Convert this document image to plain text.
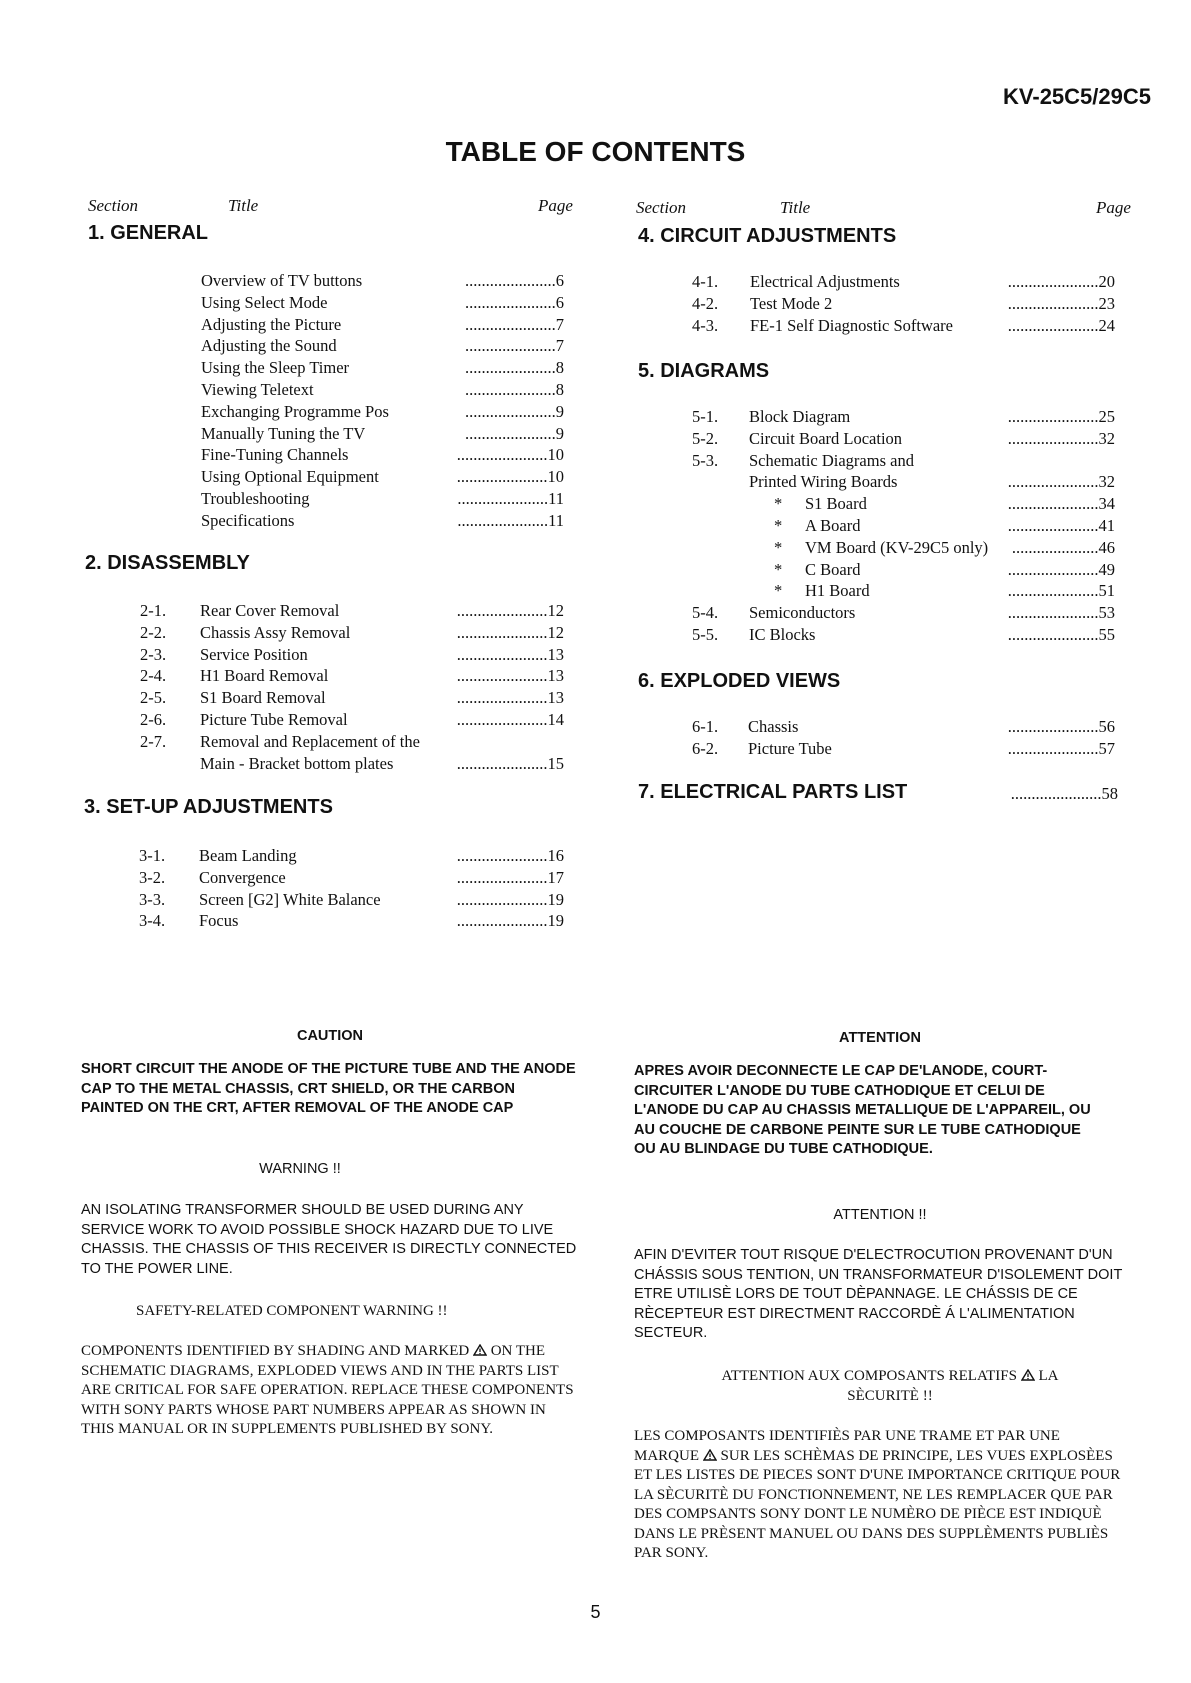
KV-25C5/29C5
TABLE OF CONTENTS
Section	Title	Page	Section	Title	Page
1. GENERAL
2. DISASSEMBLY
3. SET-UP ADJUSTMENTS
4. CIRCUIT ADJUSTMENTS
5. DIAGRAMS
6. EXPLODED VIEWS
7. ELECTRICAL PARTS LIST	......................58
Overview of TV buttons	......................6
Using Select Mode	......................6
Adjusting the Picture	......................7
Adjusting the Sound	......................7
Using the Sleep Timer	......................8
Viewing Teletext	......................8
Exchanging Programme Pos	......................9
Manually Tuning the TV	......................9
Fine-Tuning Channels	......................10
Using Optional Equipment	......................10
Troubleshooting	......................11
Specifications	......................11
2-1. Rear Cover Removal	......................12
2-2. Chassis Assy Removal	......................12
2-3. Service Position	......................13
2-4. H1 Board Removal	......................13
2-5. S1 Board Removal	......................13
2-6. Picture Tube Removal	......................14
2-7. Removal and Replacement of the
Main - Bracket bottom plates	......................15
3-1. Beam Landing	......................16
3-2. Convergence	......................17
3-3. Screen [G2] White Balance	......................19
3-4. Focus	......................19
4-1. Electrical Adjustments	......................20
4-2. Test Mode 2	......................23
4-3. FE-1 Self Diagnostic Software	......................24
5-1. Block Diagram	......................25
5-2. Circuit Board Location	......................32
5-3. Schematic Diagrams and
Printed Wiring Boards	......................32
* S1 Board	......................34
* A Board	......................41
* VM Board (KV-29C5 only)	.....................46
* C Board	......................49
* H1 Board	......................51
5-4. Semiconductors	......................53
5-5. IC Blocks	......................55
6-1. Chassis	......................56
6-2. Picture Tube	......................57
CAUTION
SHORT CIRCUIT THE ANODE OF THE PICTURE TUBE AND THE ANODE CAP TO THE METAL CHASSIS, CRT SHIELD, OR THE CARBON PAINTED ON THE CRT, AFTER REMOVAL OF THE ANODE CAP
WARNING !!
AN ISOLATING TRANSFORMER SHOULD BE USED DURING ANY SERVICE WORK TO AVOID POSSIBLE SHOCK HAZARD DUE TO LIVE CHASSIS. THE CHASSIS OF THIS RECEIVER IS DIRECTLY CONNECTED TO THE POWER LINE.
SAFETY-RELATED COMPONENT WARNING !!
COMPONENTS IDENTIFIED BY SHADING AND MARKED ON THE SCHEMATIC DIAGRAMS, EXPLODED VIEWS AND IN THE PARTS LIST ARE CRITICAL FOR SAFE OPERATION. REPLACE THESE COMPONENTS WITH SONY PARTS WHOSE PART NUMBERS APPEAR AS SHOWN IN THIS MANUAL OR IN SUPPLEMENTS PUBLISHED BY SONY.
ATTENTION
APRES AVOIR DECONNECTE LE CAP DE'LANODE, COURT-CIRCUITER L'ANODE DU TUBE CATHODIQUE ET CELUI DE L'ANODE DU CAP AU CHASSIS METALLIQUE DE L'APPAREIL, OU AU COUCHE DE CARBONE PEINTE SUR LE TUBE CATHODIQUE OU AU BLINDAGE DU TUBE CATHODIQUE.
ATTENTION !!
AFIN D'EVITER TOUT RISQUE D'ELECTROCUTION PROVENANT D'UN CHÁSSIS SOUS TENTION, UN TRANSFORMATEUR D'ISOLEMENT DOIT ETRE UTILISÈ LORS DE TOUT DÈPANNAGE. LE CHÁSSIS DE CE RÈCEPTEUR EST DIRECTMENT RACCORDÈ Á L'ALIMENTATION SECTEUR.
ATTENTION AUX COMPOSANTS RELATIFS LA SÈCURITÈ !!
LES COMPOSANTS IDENTIFIÈS PAR UNE TRAME ET PAR UNE MARQUE SUR LES SCHÈMAS DE PRINCIPE, LES VUES EXPLOSÈES ET LES LISTES DE PIECES SONT D'UNE IMPORTANCE CRITIQUE POUR LA SÈCURITÈ DU FONCTIONNEMENT, NE LES REMPLACER QUE PAR DES COMPSANTS SONY DONT LE NUMÈRO DE PIÈCE EST INDIQUÈ DANS LE PRÈSENT MANUEL OU DANS DES SUPPLÈMENTS PUBLIÈS PAR SONY.
5
